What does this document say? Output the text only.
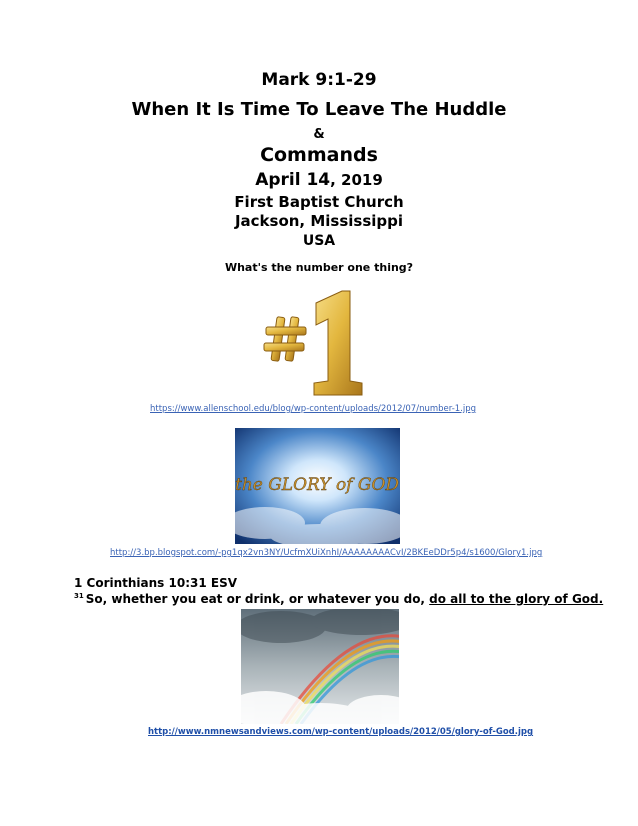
Mark 9:1-29
When It Is Time To Leave The Huddle
&
Commands
April 14, 2019
First Baptist Church
Jackson, Mississippi
USA
What's the number one thing?
https://www.allenschool.edu/blog/wp-content/uploads/2012/07/number-1.jpg
the GLORY of GOD
http://3.bp.blogspot.com/-pg1qx2vn3NY/UcfmXUiXnhI/AAAAAAAACvI/2BKEeDDr5p4/s1600/Glory1.jpg
1 Corinthians 10:31 ESV
$^{31}$ So, whether you eat or drink, or whatever you do, do all to the glory of God.
http://www.nmnewsandviews.com/wp-content/uploads/2012/05/glory-of-God.jpg
